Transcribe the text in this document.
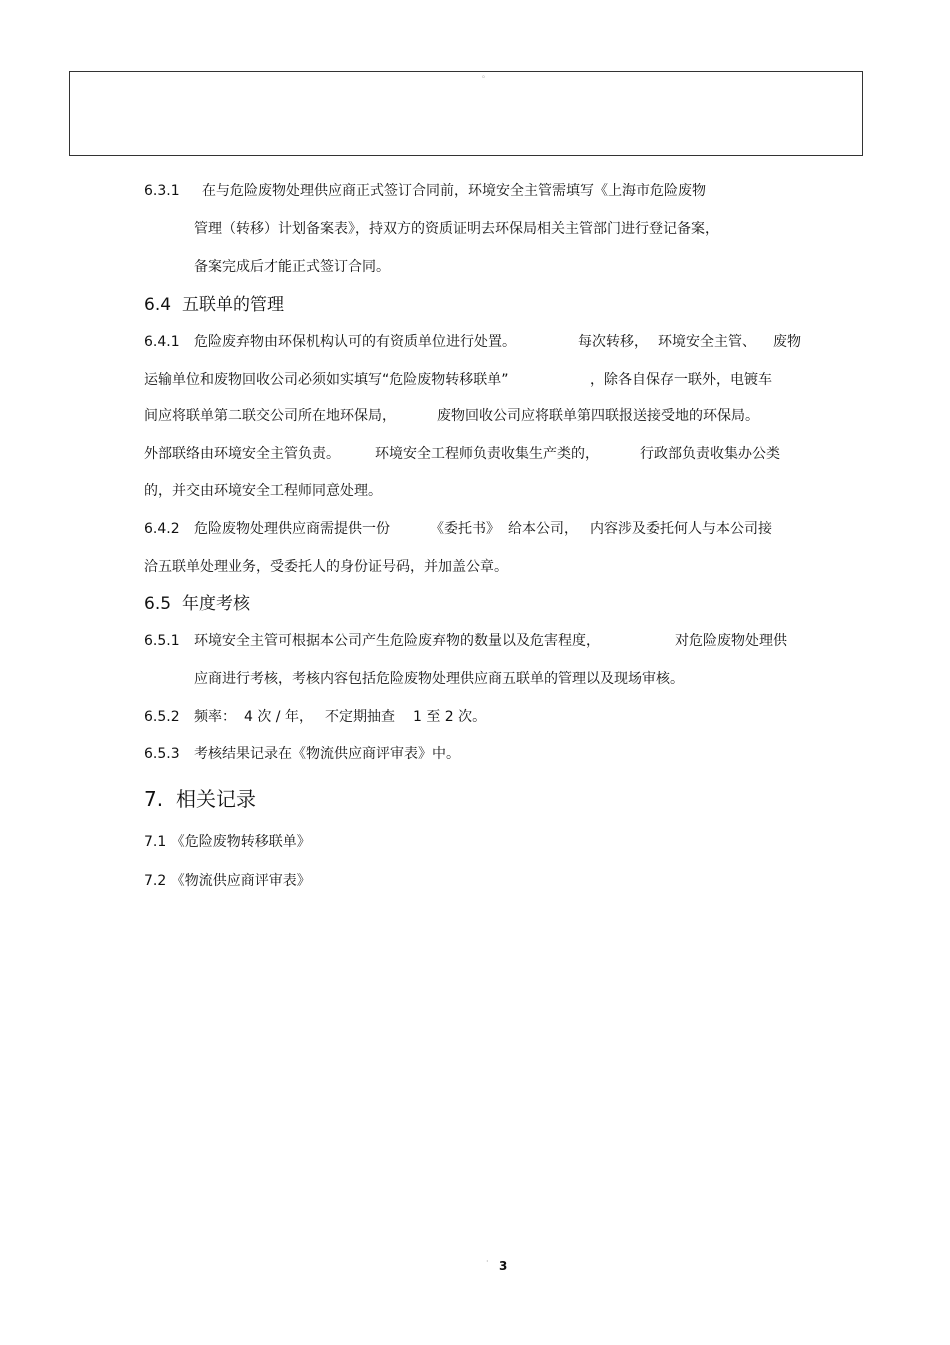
。
6.3.1 在与危险废物处理供应商正式签订合同前，环境安全主管需填写《上海市危险废物
管理（转移）计划备案表》，持双方的资质证明去环保局相关主管部门进行登记备案，
备案完成后才能正式签订合同。
6.4 五联单的管理
6.4.1 危险废弃物由环保机构认可的有资质单位进行处置。	每次转移， 环境安全主管、 废物
运输单位和废物回收公司必须如实填写“危险废物转移联单”	，除各自保存一联外，电镀车
间应将联单第二联交公司所在地环保局，	废物回收公司应将联单第四联报送接受地的环保局。
外部联络由环境安全主管负责。	环境安全工程师负责收集生产类的，	行政部负责收集办公类
的，并交由环境安全工程师同意处理。
6.4.2 危险废物处理供应商需提供一份	《委托书》 给本公司， 内容涉及委托何人与本公司接
洽五联单处理业务，受委托人的身份证号码，并加盖公章。
6.5 年度考核
6.5.1 环境安全主管可根据本公司产生危险废弃物的数量以及危害程度，	对危险废物处理供
应商进行考核，考核内容包括危险废物处理供应商五联单的管理以及现场审核。
6.5.2 频率： 4 次 / 年， 不定期抽查 1 至 2 次。
6.5.3 考核结果记录在《物流供应商评审表》中。
7. 相关记录
7.1 《危险废物转移联单》
7.2 《物流供应商评审表》
· 3
